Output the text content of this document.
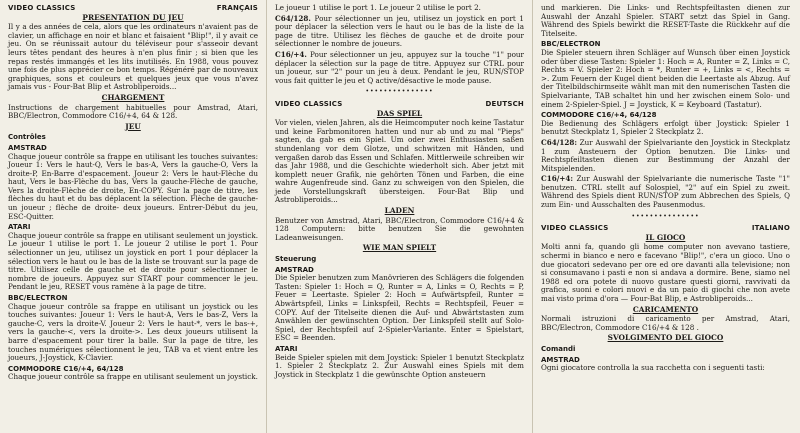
VIDEO CLASSICS	FRANÇAIS
PRESENTATION DU JEU

Il y a des années de cela, alors que les ordinateurs n'avaient pas de clavier, un affichage en noir et blanc et faisaient "Blip!", il y avait ce jeu. On se réunissait autour du téléviseur pour s'asseoir devant leurs têtes pendant des heures à n'en plus finir ; si bien que les repas restés immangés et les lits inutilisés. En 1988, vous pouvez une fois de plus apprécier ce bon temps. Régénéré par de nouveaux graphiques, sons et couleurs et quelques jeux que vous n'avez jamais vus - Four-Bat Blip et Astrobliperoids...

CHARGEMENT

Instructions de chargement habituelles pour Amstrad, Atari, BBC/Electron, Commodore C16/+4, 64 & 128.

JEU
Contrôles
AMSTRAD

Chaque joueur contrôle sa frappe en utilisant les touches suivantes: Joueur 1: Vers le haut-Q, Vers le bas-A, Vers la gauche-O, Vers la droite-P, En-Barre d'espacement. Joueur 2: Vers le haut-Flèche du haut, Vers le bas-Flèche du bas, Vers la gauche-Flèche de gauche, Vers la droite-Flèche de droite, En-COPY. Sur la page de titre, les flèches du haut et du bas déplacent la sélection. Flèche de gauche- un joueur ; flèche de droite- deux joueurs. Entrer-Début du jeu, ESC-Quitter.

ATARI

Chaque joueur contrôle sa frappe en utilisant seulement un joystick. Le joueur 1 utilise le port 1. Le joueur 2 utilise le port 1. Pour sélectionner un jeu, utilisez un joystick en port 1 pour déplacer la sélection vers le haut ou le bas de la liste se trouvant sur la page de titre. Utilisez celle de gauche et de droite pour sélectionner le nombre de joueurs. Appuyez sur START pour commencer le jeu. Pendant le jeu, RESET vous ramène à la page de titre.

BBC/ELECTRON

Chaque joueur contrôle sa frappe en utilisant un joystick ou les touches suivantes: Joueur 1: Vers le haut-A, Vers le bas-Z, Vers la gauche-C, vers la droite-V. Joueur 2: Vers le haut-*, vers le bas-+, vers la gauche-<, vers la droite->. Les deux joueurs utilisent la barre d'espacement pour tirer la balle. Sur la page de titre, les touches numériques sélectionnent le jeu, TAB va et vient entre les joueurs, J-Joystick, K-Clavier.

COMMODORE C16/+4, 64/128

Chaque joueur contrôle sa frappe en utilisant seulement un joystick.

Le joueur 1 utilise le port 1. Le joueur 2 utilise le port 2.

C64/128. Pour sélectionner un jeu, utilisez un joystick en port 1 pour déplacer la sélection vers le haut ou le bas de la liste de la page de titre. Utilisez les flèches de gauche et de droite pour sélectionner le nombre de joueurs.

C16/+4. Pour sélectionner un jeu, appuyez sur la touche "1" pour déplacer la sélection sur la page de titre. Appuyez sur CTRL pour un joueur, sur "2" pour un jeu à deux. Pendant le jeu, RUN/STOP vous fait quitter le jeu et Q active/désactive le mode pause.

•••••••••••••••
VIDEO CLASSICS	DEUTSCH
DAS SPIEL

Vor vielen, vielen Jahren, als die Heimcomputer noch keine Tastatur und keine Farbmonitoren hatten und nur ab und zu mal "Pieps" sagten, da gab es ein Spiel. Um oder zwei Enthusiasten saßen stundenlang vor dem Glotze, und schwitzen mit Händen, und vergaßen darob das Essen und Schlafen. Mittlerweile schreiben wir das Jahr 1988, und die Geschichte wiederholt sich. Aber jetzt mit komplett neuer Grafik, nie gehörten Tönen und Farben, die eine wahre Augenfreude sind. Ganz zu schweigen von den Spielen, die jede Vorstellungskraft übersteigen. Four-Bat Blip und Astrobliperoids...

LADEN

Benutzer von Amstrad, Atari, BBC/Electron, Commodore C16/+4 & 128 Computern: bitte benutzen Sie die gewohnten Ladeanweisungen.

WIE MAN SPIELT
Steuerung
AMSTRAD

Die Spieler benutzen zum Manövrieren des Schlägers die folgenden Tasten: Spieler 1: Hoch = Q, Runter = A, Links = O, Rechts = P, Feuer = Leertaste. Spieler 2: Hoch = Aufwärtspfeil, Runter = Abwärtspfeil, Links = Linkspfeil, Rechts = Rechtspfeil, Feuer = COPY. Auf der Titelseite dienen die Auf- und Abwärtstasten zum Anwählen der gewünschten Option. Der Linkspfeil stellt auf Solo-Spiel, der Rechtspfeil auf 2-Spieler-Variante. Enter = Spielstart, ESC = Beenden.

ATARI

Beide Spieler spielen mit dem Joystick: Spieler 1 benutzt Steckplatz 1. Spieler 2 Steckplatz 2. Zur Auswahl eines Spiels mit dem Joystick in Steckplatz 1 die gewünschte Option ansteuern

und markieren. Die Links- und Rechtspfeiltasten dienen zur Auswahl der Anzahl Spieler. START setzt das Spiel in Gang. Während des Spiels bewirkt die RESET-Taste die Rückkehr auf die Titelseite.

BBC/ELECTRON

Die Spieler steuern ihren Schläger auf Wunsch über einen Joystick oder über diese Tasten: Spieler 1: Hoch = A, Runter = Z, Links = C, Rechts = V. Spieler 2: Hoch = *, Runter = +, Links = <, Rechts = >. Zum Feuern der Kugel dient beiden die Leertaste als Abzug. Auf der Titelbildschirmseite wählt man mit den numerischen Tasten die Spielvariante, TAB schaltet hin und her zwischen einem Solo- und einem 2-Spieler-Spiel. J = Joystick, K = Keyboard (Tastatur).

COMMODORE C16/+4, 64/128

Die Bedienung des Schlägers erfolgt über Joystick: Spieler 1 benutzt Steckplatz 1, Spieler 2 Steckplatz 2.

C64/128: Zur Auswahl der Spielvariante den Joystick in Steckplatz 1 zum Ansteuern der Option benutzen. Die Links- und Rechtspfeiltasten dienen zur Bestimmung der Anzahl der Mitspielenden.

C16/+4: Zur Auswahl der Spielvariante die numerische Taste "1" benutzen. CTRL stellt auf Solospiel, "2" auf ein Spiel zu zweit. Während des Spiels dient RUN/STOP zum Abbrechen des Spiels, Q zum Ein- und Ausschalten des Pausenmodus.

•••••••••••••••
VIDEO CLASSICS	ITALIANO
IL GIOCO

Molti anni fa, quando gli home computer non avevano tastiere, schermi in bianco e nero e facevano "Blip!", c'era un gioco. Uno o due giocatori sedevano per ore ed ore davanti alla televisione; non si consumavano i pasti e non si andava a dormire. Bene, siamo nel 1988 ed ora potete di nuovo gustare questi giorni, ravvivati da grafica, suoni e colori nuovi e da un paio di giochi che non avete mai visto prima d'ora — Four-Bat Blip, e Astrobliperoids...

CARICAMENTO

Normali istruzioni di caricamento per Amstrad, Atari, BBC/Electron, Commodore C16/+4 & 128 .

SVOLGIMENTO DEL GIOCO
Comandi
AMSTRAD

Ogni giocatore controlla la sua racchetta con i seguenti tasti:
